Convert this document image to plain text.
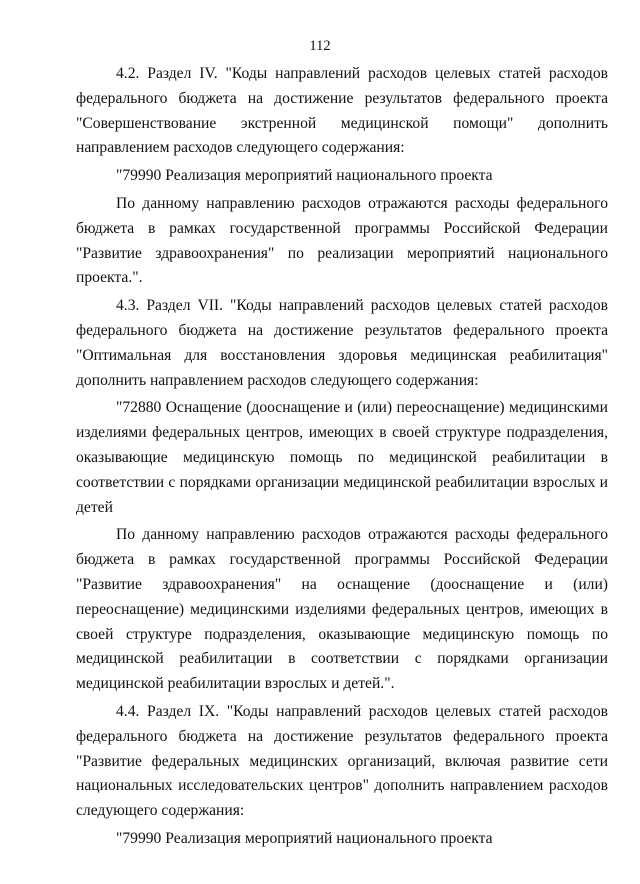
112

4.2. Раздел IV. "Коды направлений расходов целевых статей расходов федерального бюджета на достижение результатов федерального проекта "Совершенствование экстренной медицинской помощи" дополнить направлением расходов следующего содержания:

"79990 Реализация мероприятий национального проекта

По данному направлению расходов отражаются расходы федерального бюджета в рамках государственной программы Российской Федерации "Развитие здравоохранения" по реализации мероприятий национального проекта.".

4.3. Раздел VII. "Коды направлений расходов целевых статей расходов федерального бюджета на достижение результатов федерального проекта "Оптимальная для восстановления здоровья медицинская реабилитация" дополнить направлением расходов следующего содержания:

"72880 Оснащение (дооснащение и (или) переоснащение) медицинскими изделиями федеральных центров, имеющих в своей структуре подразделения, оказывающие медицинскую помощь по медицинской реабилитации в соответствии с порядками организации медицинской реабилитации взрослых и детей

По данному направлению расходов отражаются расходы федерального бюджета в рамках государственной программы Российской Федерации "Развитие здравоохранения" на оснащение (дооснащение и (или) переоснащение) медицинскими изделиями федеральных центров, имеющих в своей структуре подразделения, оказывающие медицинскую помощь по медицинской реабилитации в соответствии с порядками организации медицинской реабилитации взрослых и детей.".

4.4. Раздел IX. "Коды направлений расходов целевых статей расходов федерального бюджета на достижение результатов федерального проекта "Развитие федеральных медицинских организаций, включая развитие сети национальных исследовательских центров" дополнить направлением расходов следующего содержания:

"79990 Реализация мероприятий национального проекта
